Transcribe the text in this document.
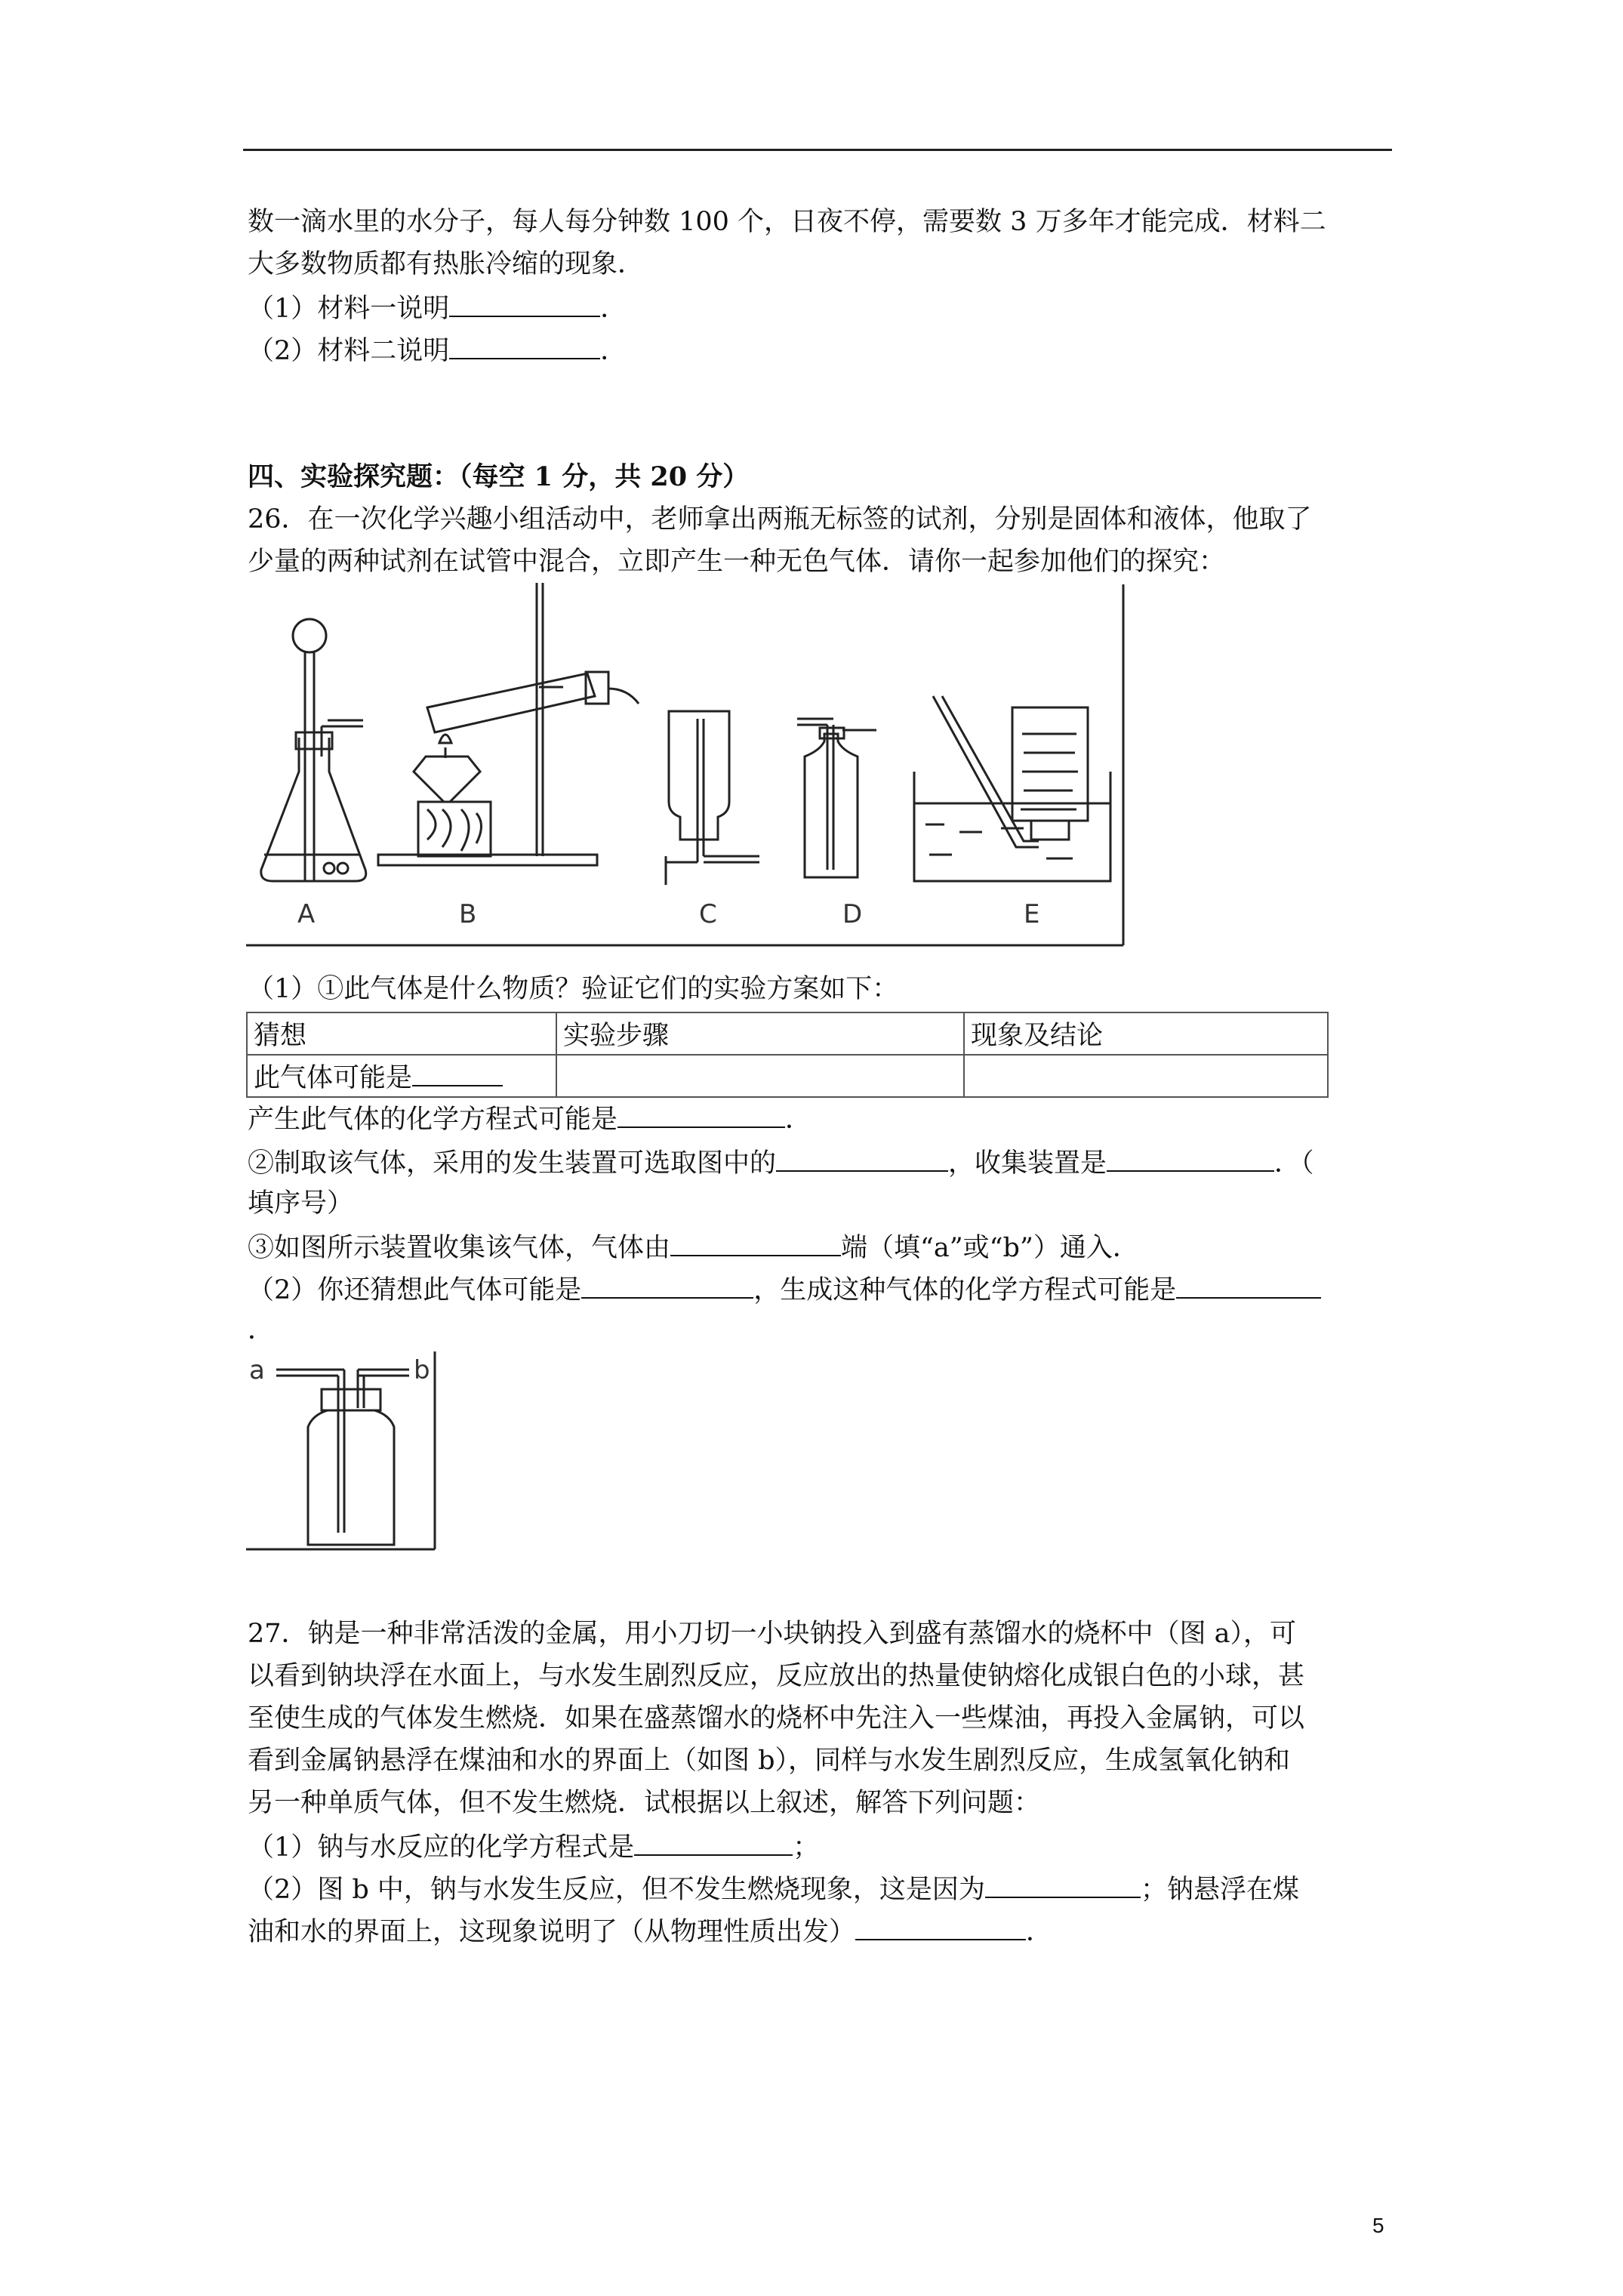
数一滴水里的水分子，每人每分钟数 100 个，日夜不停，需要数 3 万多年才能完成．材料二
大多数物质都有热胀冷缩的现象．
（1）材料一说明	．
（2）材料二说明	．
四、实验探究题：（每空 1 分，共 20 分）
26．在一次化学兴趣小组活动中，老师拿出两瓶无标签的试剂，分别是固体和液体，他取了
少量的两种试剂在试管中混合，立即产生一种无色气体．请你一起参加他们的探究：
A	B	C	D	E
（1）①此气体是什么物质？验证它们的实验方案如下：
猜想	实验步骤	现象及结论
此气体可能是		
产生此气体的化学方程式可能是	．
②制取该气体，采用的发生装置可选取图中的	，收集装置是	．（
填序号）
③如图所示装置收集该气体，气体由	端（填“a”或“b”）通入．
（2）你还猜想此气体可能是	，生成这种气体的化学方程式可能是
．
a	b
27．钠是一种非常活泼的金属，用小刀切一小块钠投入到盛有蒸馏水的烧杯中（图 a），可
以看到钠块浮在水面上，与水发生剧烈反应，反应放出的热量使钠熔化成银白色的小球，甚
至使生成的气体发生燃烧．如果在盛蒸馏水的烧杯中先注入一些煤油，再投入金属钠，可以
看到金属钠悬浮在煤油和水的界面上（如图 b），同样与水发生剧烈反应，生成氢氧化钠和
另一种单质气体，但不发生燃烧．试根据以上叙述，解答下列问题：
（1）钠与水反应的化学方程式是	；
（2）图 b 中，钠与水发生反应，但不发生燃烧现象，这是因为	；钠悬浮在煤
油和水的界面上，这现象说明了（从物理性质出发）	．
5
